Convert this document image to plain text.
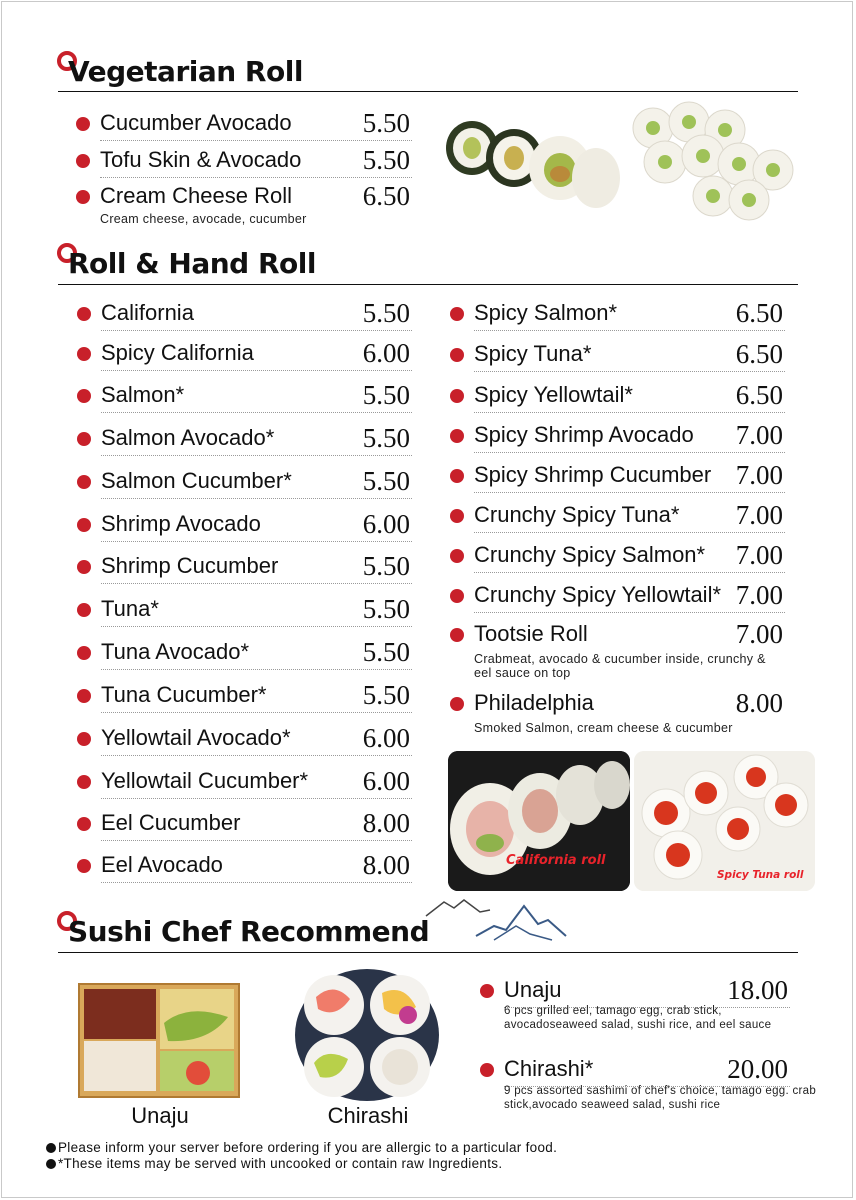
Vegetarian Roll
Cucumber Avocado	5.50
Tofu Skin & Avocado 5.50
Cream Cheese Roll	6.50
Cream cheese, avocade, cucumber
Roll & Hand Roll
California	5.50
Spicy California	6.00
Salmon*	5.50
Salmon Avocado*	5.50
Salmon Cucumber*	5.50
Shrimp Avocado	6.00
Shrimp Cucumber	5.50
Tuna*	5.50
Tuna Avocado*	5.50
Tuna Cucumber*	5.50
Yellowtail Avocado*	6.00
Yellowtail Cucumber* 6.00
Eel Cucumber	8.00
Eel Avocado	8.00
Spicy Salmon*	6.50
Spicy Tuna*	6.50
Spicy Yellowtail*	6.50
Spicy Shrimp Avocado 7.00
Spicy Shrimp Cucumber 7.00
Crunchy Spicy Tuna* 7.00
Crunchy Spicy Salmon* 7.00
Crunchy Spicy Yellowtail* 7.00
Tootsie Roll	7.00
Crabmeat, avocado & cucumber inside, crunchy & eel sauce on top
Philadelphia	8.00
Smoked Salmon, cream cheese & cucumber
California roll
Spicy Tuna roll
Sushi Chef Recommend
Unaju	Chirashi
Unaju	18.00
6 pcs grilled eel, tamago egg, crab stick, avocadoseaweed salad, sushi rice, and eel sauce
Chirashi*	20.00
9 pcs assorted sashimi of chef's choice, tamago egg. crab stick,avocado seaweed salad, sushi rice
Please inform your server before ordering if you are allergic to a particular food.
*These items may be served with uncooked or contain raw Ingredients.
